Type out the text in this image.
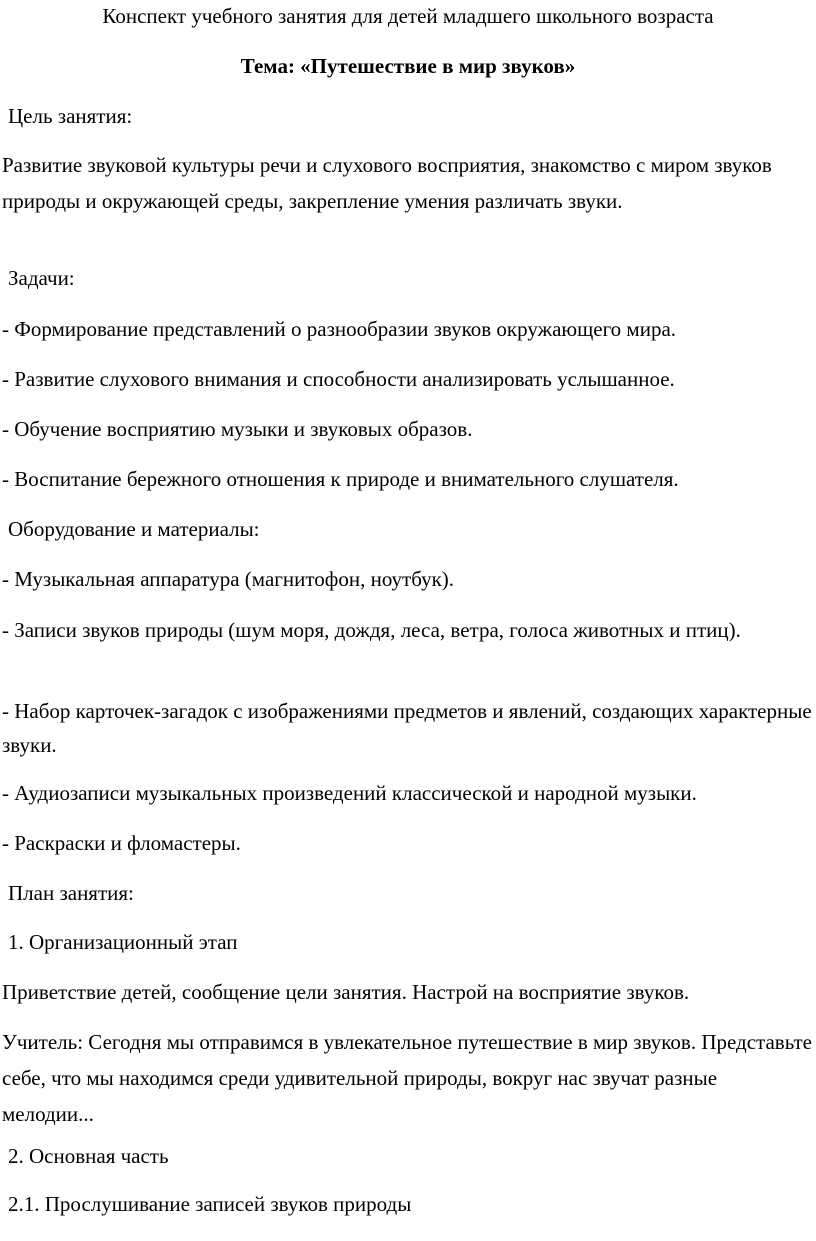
Конспект учебного занятия для детей младшего школьного возраста
Тема: «Путешествие в мир звуков»
Цель занятия:
Развитие звуковой культуры речи и слухового восприятия, знакомство с миром звуков природы и окружающей среды, закрепление умения различать звуки.
Задачи:
- Формирование представлений о разнообразии звуков окружающего мира.
- Развитие слухового внимания и способности анализировать услышанное.
- Обучение восприятию музыки и звуковых образов.
- Воспитание бережного отношения к природе и внимательного слушателя.
Оборудование и материалы:
- Музыкальная аппаратура (магнитофон, ноутбук).
- Записи звуков природы (шум моря, дождя, леса, ветра, голоса животных и птиц).
- Набор карточек-загадок с изображениями предметов и явлений, создающих характерные звуки.
- Аудиозаписи музыкальных произведений классической и народной музыки.
- Раскраски и фломастеры.
План занятия:
1. Организационный этап
Приветствие детей, сообщение цели занятия. Настрой на восприятие звуков.
Учитель: Сегодня мы отправимся в увлекательное путешествие в мир звуков. Представьте себе, что мы находимся среди удивительной природы, вокруг нас звучат разные мелодии...
2. Основная часть
2.1. Прослушивание записей звуков природы
